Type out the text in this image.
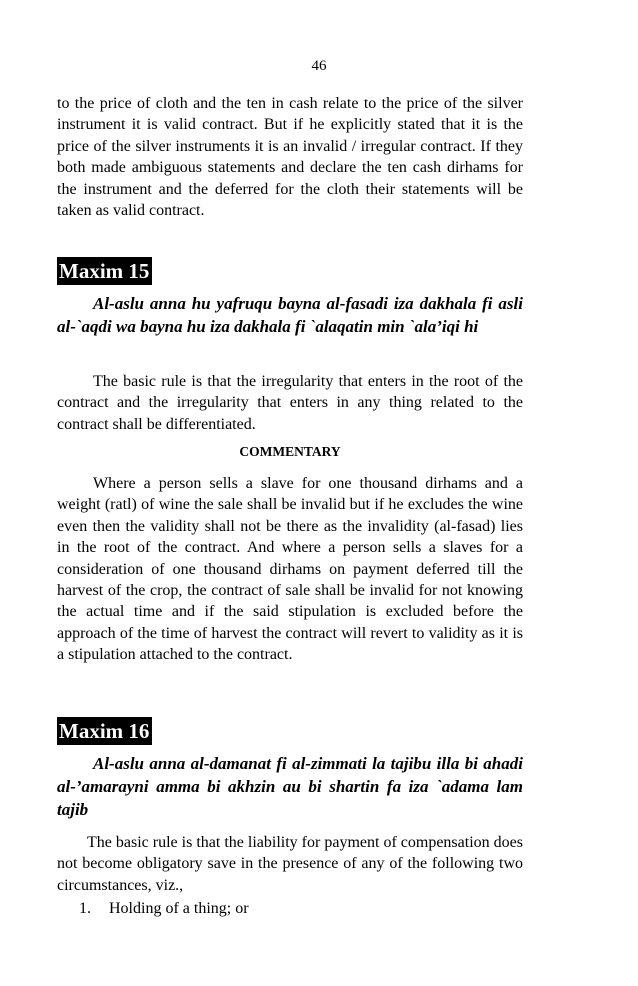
46

to the price of cloth and the ten in cash relate to the price of the silver instrument it is valid contract. But if he explicitly stated that it is the price of the silver instruments it is an invalid / irregular contract. If they both made ambiguous statements and declare the ten cash dirhams for the instrument and the deferred for the cloth their statements will be taken as valid contract.

Maxim 15

Al-aslu anna hu yafruqu bayna al-fasadi iza dakhala fi asli al-`aqdi wa bayna hu iza dakhala fi `alaqatin min `ala’iqi hi

The basic rule is that the irregularity that enters in the root of the contract and the irregularity that enters in any thing related to the contract shall be differentiated.

COMMENTARY

Where a person sells a slave for one thousand dirhams and a weight (ratl) of wine the sale shall be invalid but if he excludes the wine even then the validity shall not be there as the invalidity (al-fasad) lies in the root of the contract. And where a person sells a slaves for a consideration of one thousand dirhams on payment deferred till the harvest of the crop, the contract of sale shall be invalid for not knowing the actual time and if the said stipulation is excluded before the approach of the time of harvest the contract will revert to validity as it is a stipulation attached to the contract.

Maxim 16

Al-aslu anna al-damanat fi al-zimmati la tajibu illa bi ahadi al-’amarayni amma bi akhzin au bi shartin fa iza `adama lam tajib

The basic rule is that the liability for payment of compensation does not become obligatory save in the presence of any of the following two circumstances, viz.,

1. Holding of a thing; or
